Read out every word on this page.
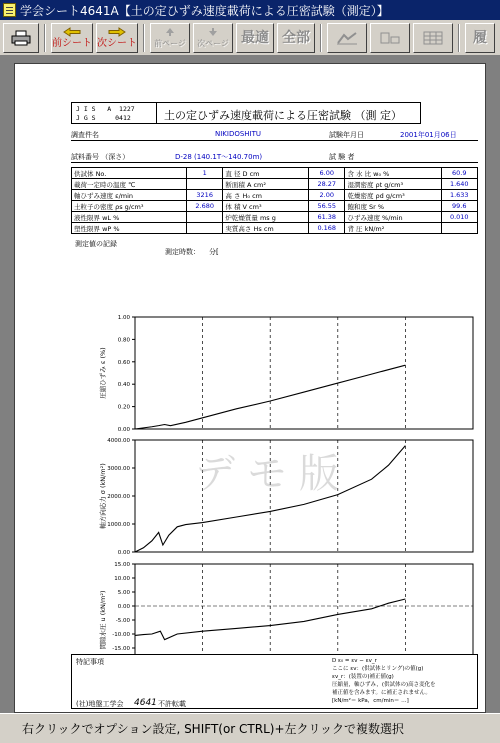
学会シート4641A【土の定ひずみ速度載荷による圧密試験（測定）】
前シート 次シート 前ページ 次ページ 最適 全部	履
J I S   A  1227
J G S     0412	土の定ひずみ速度載荷による圧密試験 （測 定）
調査件名	NIKIDOSHITU	試験年月日	2001年01月06日
試料番号 （深さ）	D-28 (140.1T～140.70m)	試 験 者
供試体 No.	1	直 径 D cm	6.00	含 水 比 w₀ %	60.9
載荷一定時の温度 ℃		断面積 A cm²	28.27	湿潤密度 ρt g/cm³	1.640
軸ひずみ速度 ε/min	3216	高 さ H₀ cm	2.00	乾燥密度 ρd g/cm³	1.633
土粒子の密度 ρs g/cm³	2.680	体 積 V cm³	56.55	飽和度 Sr %	99.6
液性限界 wL %		炉乾燥質量 ms g	61.38	ひずみ速度 %/min	0.010
塑性限界 wP %		実質高さ Hs cm	0.168	背 圧 kN/m²	
測定値の記録
測定時数： 分[
1.00
0.80
0.60
0.40
0.20
0.00
圧縮ひずみ ε (%)
4000.00
3000.00
2000.00
1000.00
0.00
軸方向応力 σ (kN/m²)
15.00
10.00
5.00
0.00
-5.00
-10.00
-15.00
間隙水圧 u (kN/m²)
デモ版
特記事項	D ε₀ = εv − εv_r
ここに εv：(供試体とリング)の値(g)
εv_r：(装置の)補正値(g)
圧縮量，軸ひずみ，(供試体の)高さ変化を
補正値を含みます。に補正されません。
[kN/m²＝ kPa，cm/min＝ …]
(社)地盤工学会 4641 不許転載
右クリックでオプション設定, SHIFT(or CTRL)+左クリックで複数選択
